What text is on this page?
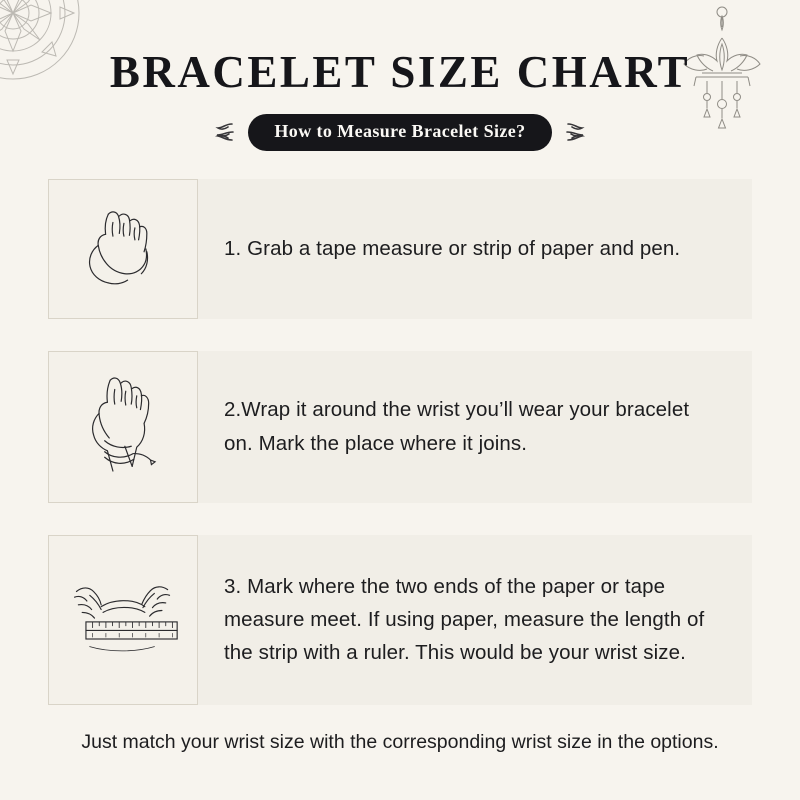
BRACELET SIZE CHART
How to Measure Bracelet Size?
1. Grab a tape measure or strip of paper and pen.
2.Wrap it around the wrist you’ll wear your bracelet on. Mark the place where it joins.
3. Mark where the two ends of the paper or tape measure meet. If using paper, measure the length of the strip with a ruler. This would be your wrist size.
Just match your wrist size with the corresponding wrist size in the options.
